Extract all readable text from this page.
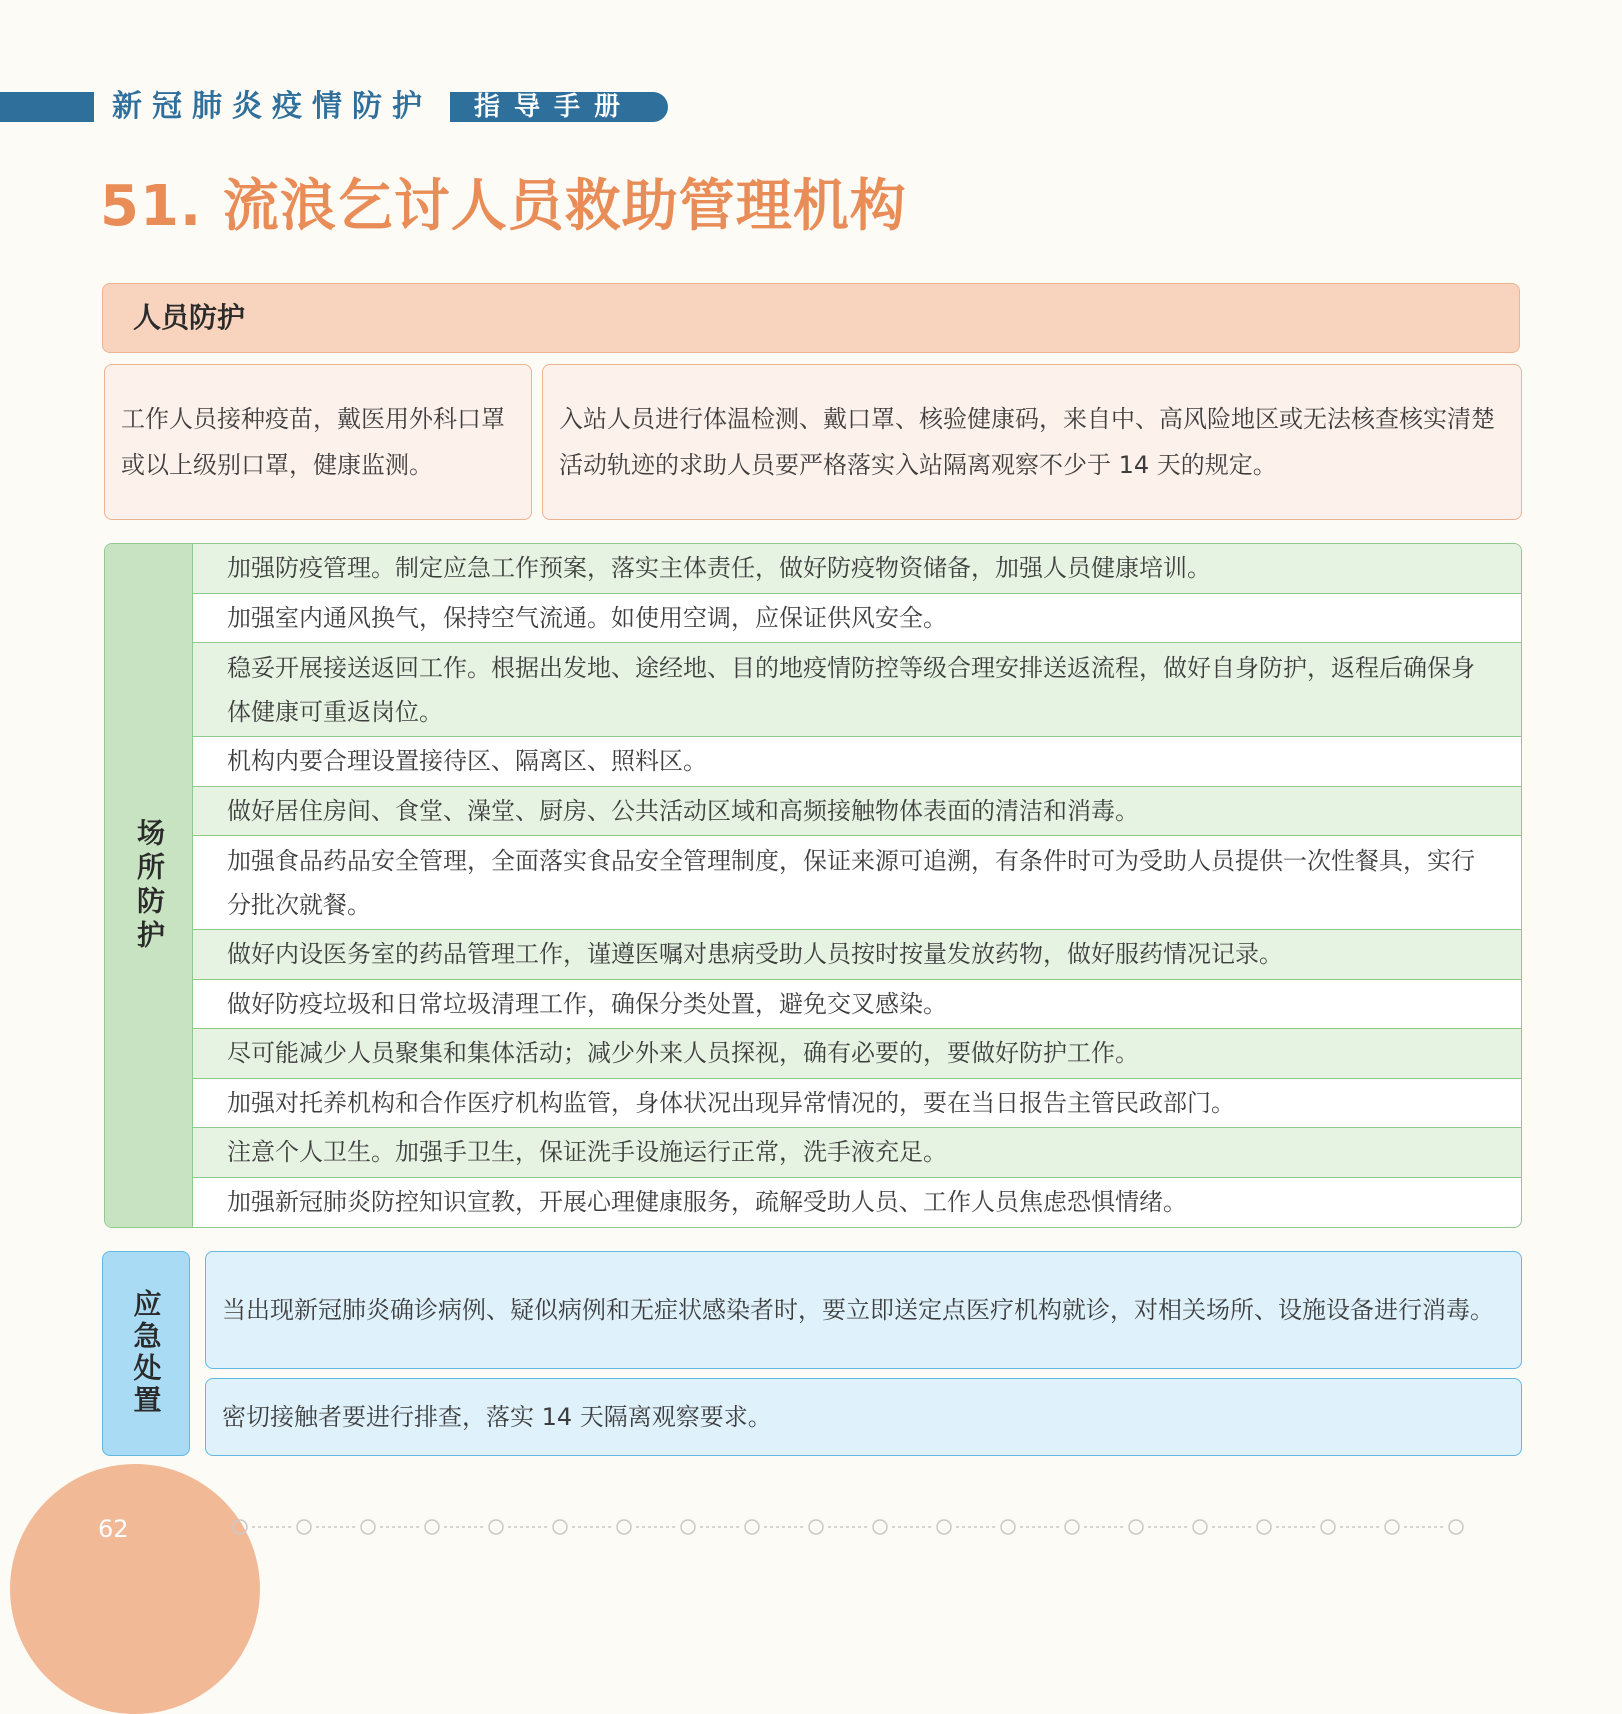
新冠肺炎疫情防护	指导手册
51. 流浪乞讨人员救助管理机构
人员防护
工作人员接种疫苗，戴医用外科口罩或以上级别口罩，健康监测。
入站人员进行体温检测、戴口罩、核验健康码，来自中、高风险地区或无法核查核实清楚活动轨迹的求助人员要严格落实入站隔离观察不少于 14 天的规定。
场所防护
加强防疫管理。制定应急工作预案，落实主体责任，做好防疫物资储备，加强人员健康培训。
加强室内通风换气，保持空气流通。如使用空调，应保证供风安全。
稳妥开展接送返回工作。根据出发地、途经地、目的地疫情防控等级合理安排送返流程，做好自身防护，返程后确保身体健康可重返岗位。
机构内要合理设置接待区、隔离区、照料区。
做好居住房间、食堂、澡堂、厨房、公共活动区域和高频接触物体表面的清洁和消毒。
加强食品药品安全管理，全面落实食品安全管理制度，保证来源可追溯，有条件时可为受助人员提供一次性餐具，实行分批次就餐。
做好内设医务室的药品管理工作，谨遵医嘱对患病受助人员按时按量发放药物，做好服药情况记录。
做好防疫垃圾和日常垃圾清理工作，确保分类处置，避免交叉感染。
尽可能减少人员聚集和集体活动；减少外来人员探视，确有必要的，要做好防护工作。
加强对托养机构和合作医疗机构监管，身体状况出现异常情况的，要在当日报告主管民政部门。
注意个人卫生。加强手卫生，保证洗手设施运行正常，洗手液充足。
加强新冠肺炎防控知识宣教，开展心理健康服务，疏解受助人员、工作人员焦虑恐惧情绪。
应急处置	当出现新冠肺炎确诊病例、疑似病例和无症状感染者时，要立即送定点医疗机构就诊，对相关场所、设施设备进行消毒。
密切接触者要进行排查，落实 14 天隔离观察要求。
62
